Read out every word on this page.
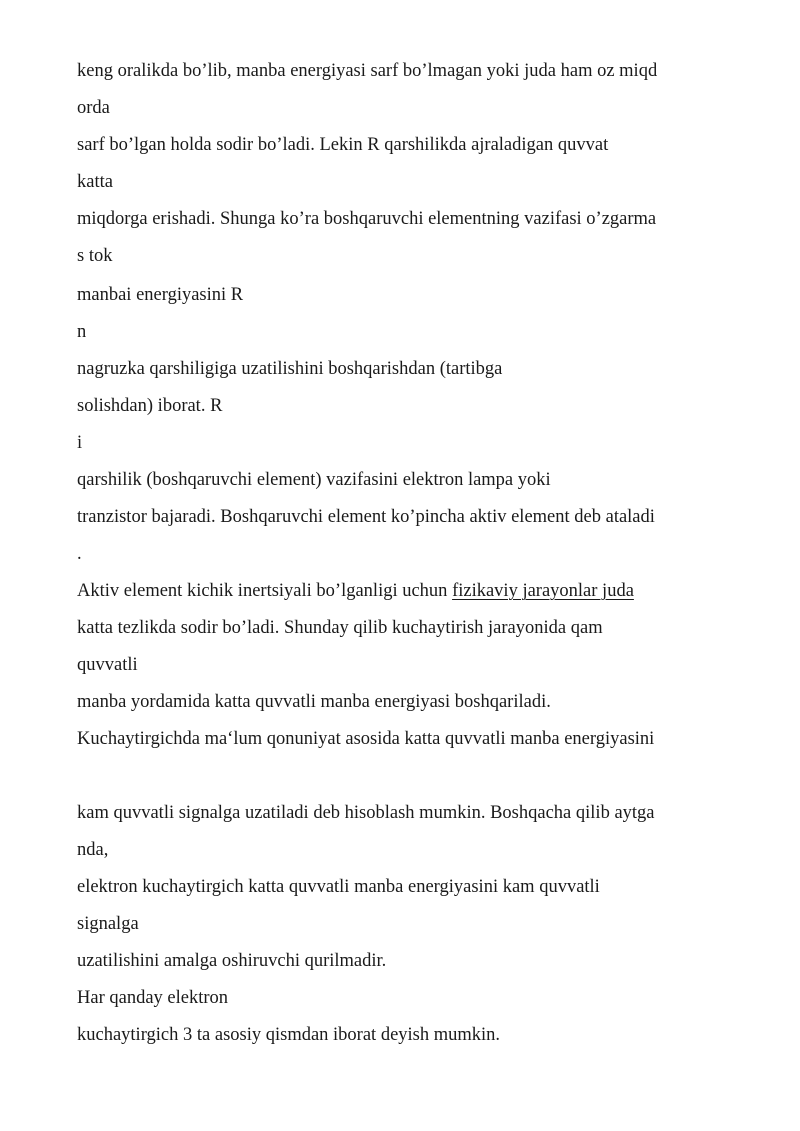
keng oralikda bo’lib, manba energiyasi sarf bo’lmagan yoki juda ham oz miqd

orda

sarf bo’lgan holda sodir bo’ladi. Lekin R qarshilikda ajraladigan quvvat

katta

miqdorga erishadi. Shunga ko’ra boshqaruvchi elementning vazifasi o’zgarma

s tok

manbai energiyasini R

n

nagruzka qarshiligiga uzatilishini boshqarishdan (tartibga

solishdan) iborat. R

i

qarshilik (boshqaruvchi element) vazifasini elektron lampa yoki

tranzistor bajaradi. Boshqaruvchi element ko’pincha aktiv element deb ataladi

.

Aktiv element kichik inertsiyali bo’lganligi uchun fizikaviy jarayonlar juda

katta tezlikda sodir bo’ladi. Shunday qilib kuchaytirish jarayonida qam

quvvatli

manba yordamida katta quvvatli manba energiyasi boshqariladi.

Kuchaytirgichda ma‘lum qonuniyat asosida katta quvvatli manba energiyasini

kam quvvatli signalga uzatiladi deb hisoblash mumkin. Boshqacha qilib aytga

nda,

elektron kuchaytirgich katta quvvatli manba energiyasini kam quvvatli

signalga

uzatilishini amalga oshiruvchi qurilmadir.

Har qanday elektron

kuchaytirgich 3 ta asosiy qismdan iborat deyish mumkin.
